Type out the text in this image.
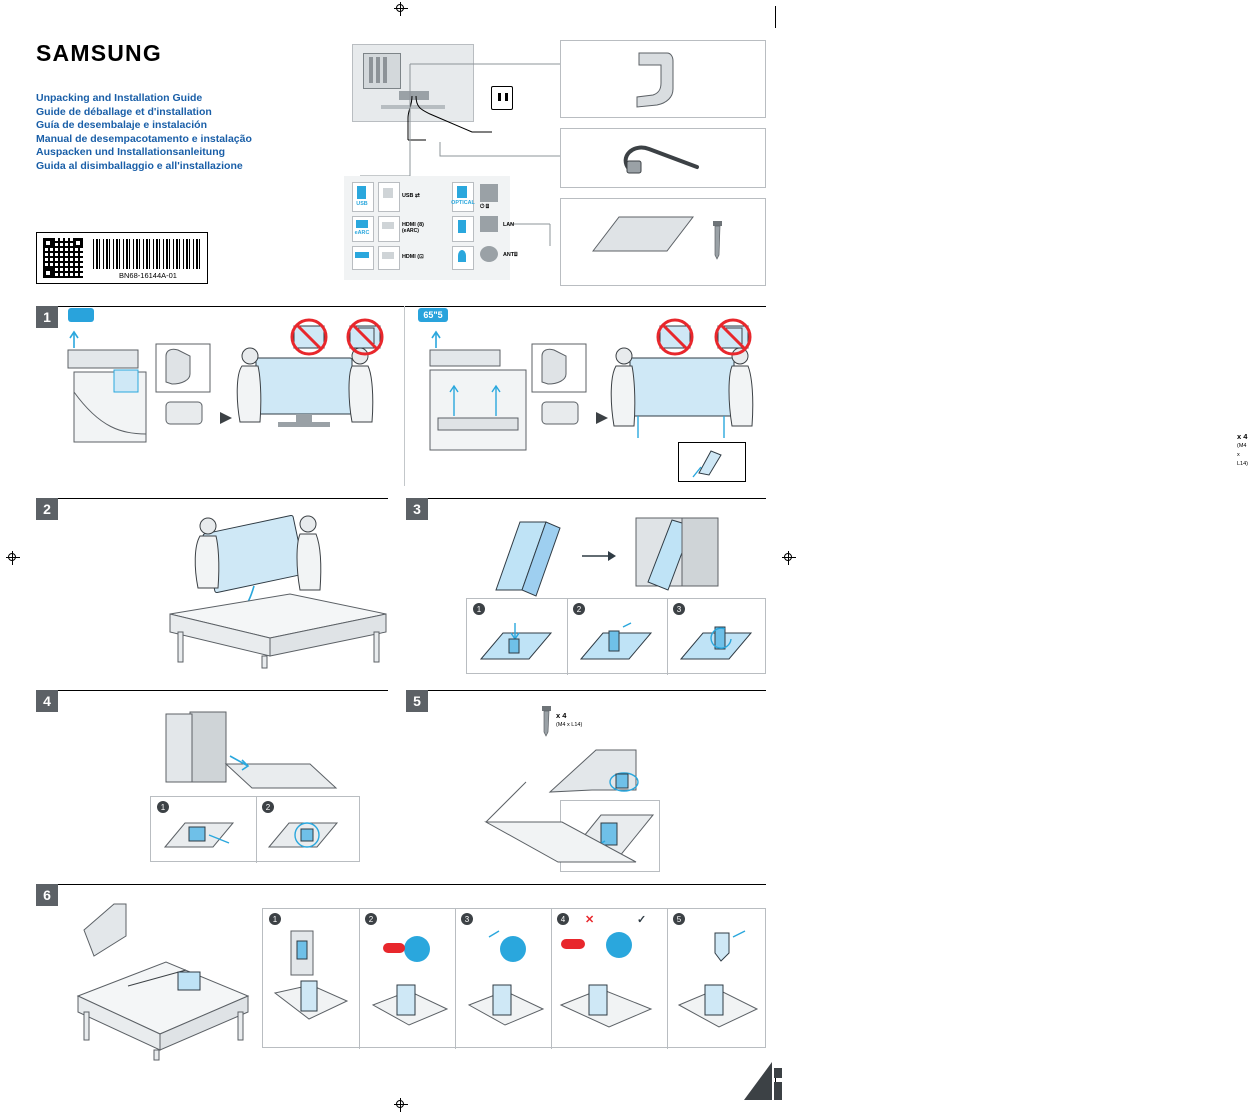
SAMSUNG
Unpacking and Installation Guide
Guide de déballage et d'installation
Guía de desembalaje e instalación
Manual de desempacotamento e instalação
Auspacken und Installationsanleitung
Guida al disimballaggio e all'installazione
BN68-16144A-01
USB
USB ⇄
OPTICAL
⏻ ⌸
eARC
HDMI (8)
(eARC)
LAN
HDMI (⊡	ANT⌸
x 4
(M4 x L14)
1	65"5
2	3
1	2	3
4
1	2
5
x 4
(M4 x L14)
6
1	2	3	4	✕	✓	5
